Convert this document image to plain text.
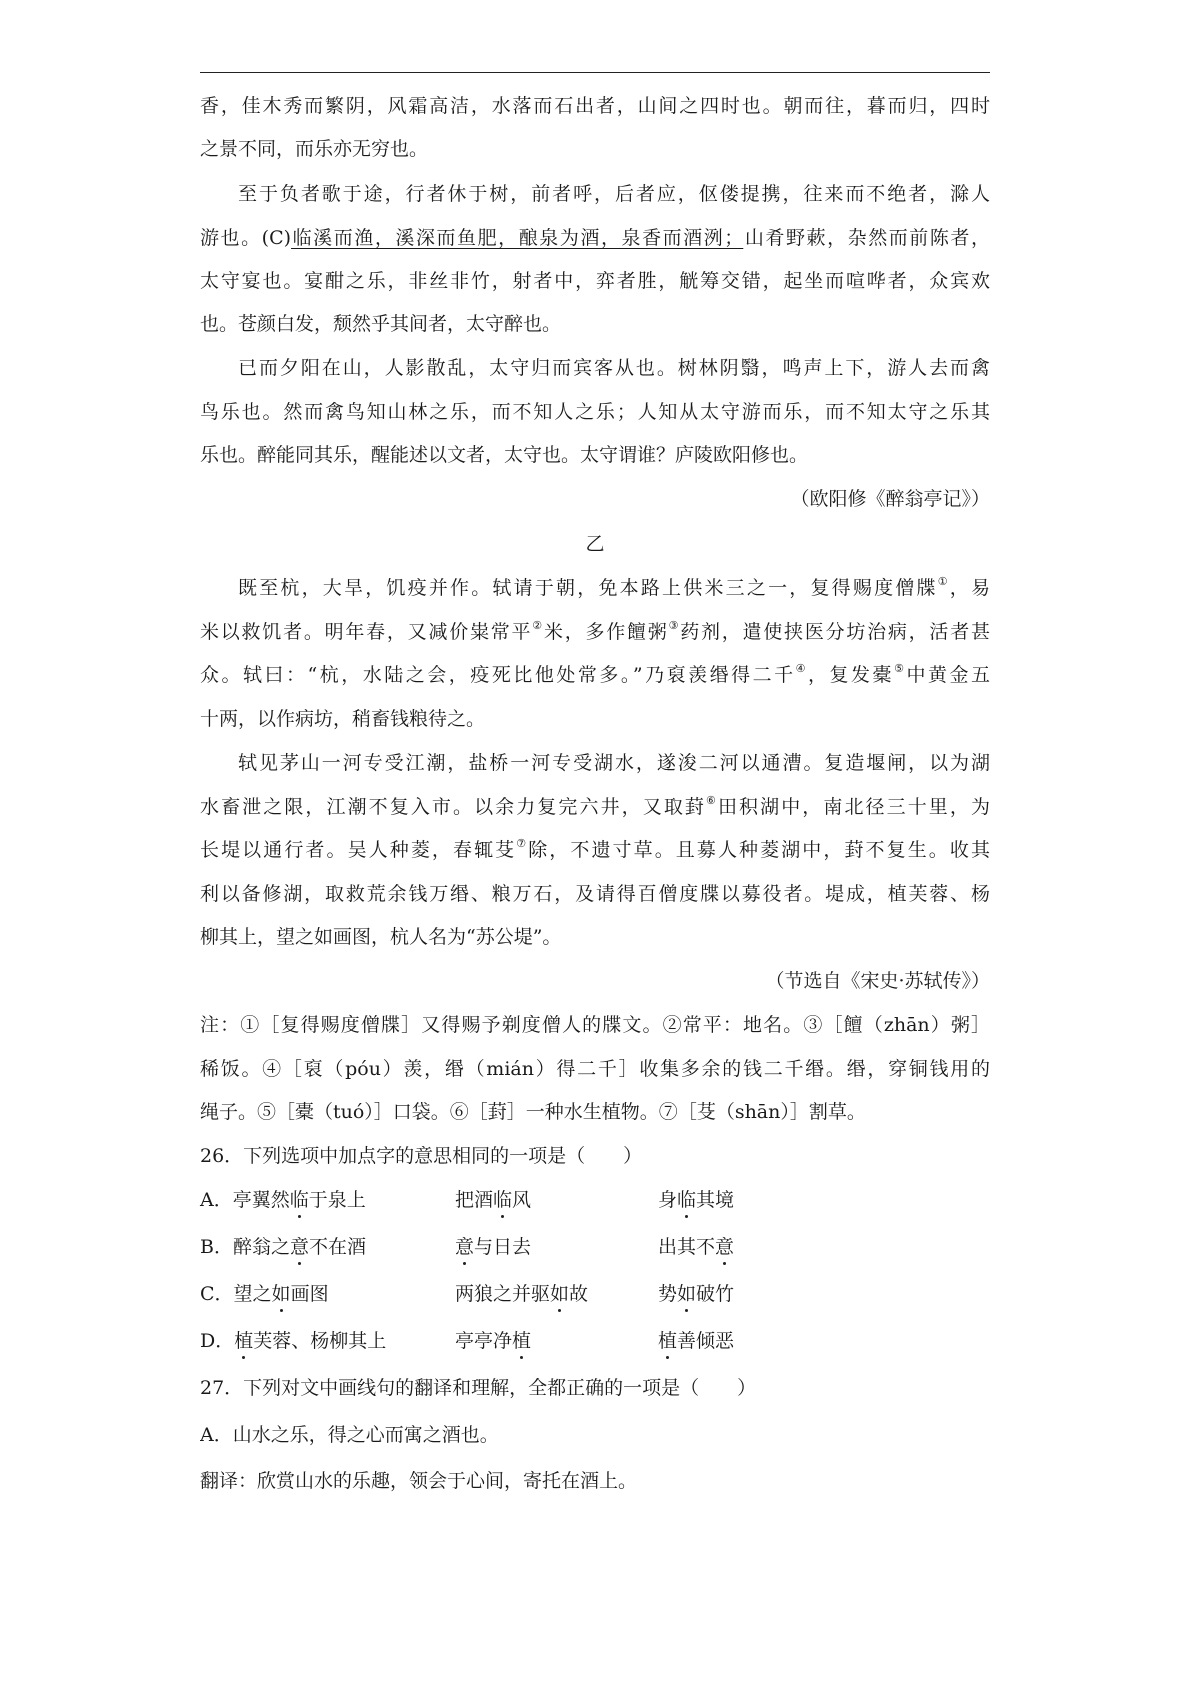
香，佳木秀而繁阴，风霜高洁，水落而石出者，山间之四时也。朝而往，暮而归，四时
之景不同，而乐亦无穷也。
至于负者歌于途，行者休于树，前者呼，后者应，伛偻提携，往来而不绝者，滁人
游也。(C)临溪而渔，溪深而鱼肥，酿泉为酒，泉香而酒洌；山肴野蔌，杂然而前陈者，
太守宴也。宴酣之乐，非丝非竹，射者中，弈者胜，觥筹交错，起坐而喧哗者，众宾欢
也。苍颜白发，颓然乎其间者，太守醉也。
已而夕阳在山，人影散乱，太守归而宾客从也。树林阴翳，鸣声上下，游人去而禽
鸟乐也。然而禽鸟知山林之乐，而不知人之乐；人知从太守游而乐，而不知太守之乐其
乐也。醉能同其乐，醒能述以文者，太守也。太守谓谁？庐陵欧阳修也。
（欧阳修《醉翁亭记》）
乙
既至杭，大旱，饥疫并作。轼请于朝，免本路上供米三之一，复得赐度僧牒①，易
米以救饥者。明年春，又减价粜常平②米，多作饘粥③药剂，遣使挟医分坊治病，活者甚
众。轼曰：“杭，水陆之会，疫死比他处常多。”乃裒羡缗得二千④，复发橐⑤中黄金五
十两，以作病坊，稍畜钱粮待之。
轼见茅山一河专受江潮，盐桥一河专受湖水，遂浚二河以通漕。复造堰闸，以为湖
水畜泄之限，江潮不复入市。以余力复完六井，又取葑⑥田积湖中，南北径三十里，为
长堤以通行者。吴人种菱，春辄芟⑦除，不遗寸草。且募人种菱湖中，葑不复生。收其
利以备修湖，取救荒余钱万缗、粮万石，及请得百僧度牒以募役者。堤成，植芙蓉、杨
柳其上，望之如画图，杭人名为“苏公堤”。
（节选自《宋史·苏轼传》）
注：①［复得赐度僧牒］又得赐予剃度僧人的牒文。②常平：地名。③［饘（zhān）粥］
稀饭。④［裒（póu）羡，缗（mián）得二千］收集多余的钱二千缗。缗，穿铜钱用的
绳子。⑤［橐（tuó）］口袋。⑥［葑］一种水生植物。⑦［芟（shān）］割草。
26．下列选项中加点字的意思相同的一项是（　　）
A．亭翼然临于泉上	把酒临风	身临其境
B．醉翁之意不在酒	意与日去	出其不意
C．望之如画图	两狼之并驱如故	势如破竹
D．植芙蓉、杨柳其上	亭亭净植	植善倾恶
27．下列对文中画线句的翻译和理解，全都正确的一项是（　　）
A．山水之乐，得之心而寓之酒也。
翻译：欣赏山水的乐趣，领会于心间，寄托在酒上。
